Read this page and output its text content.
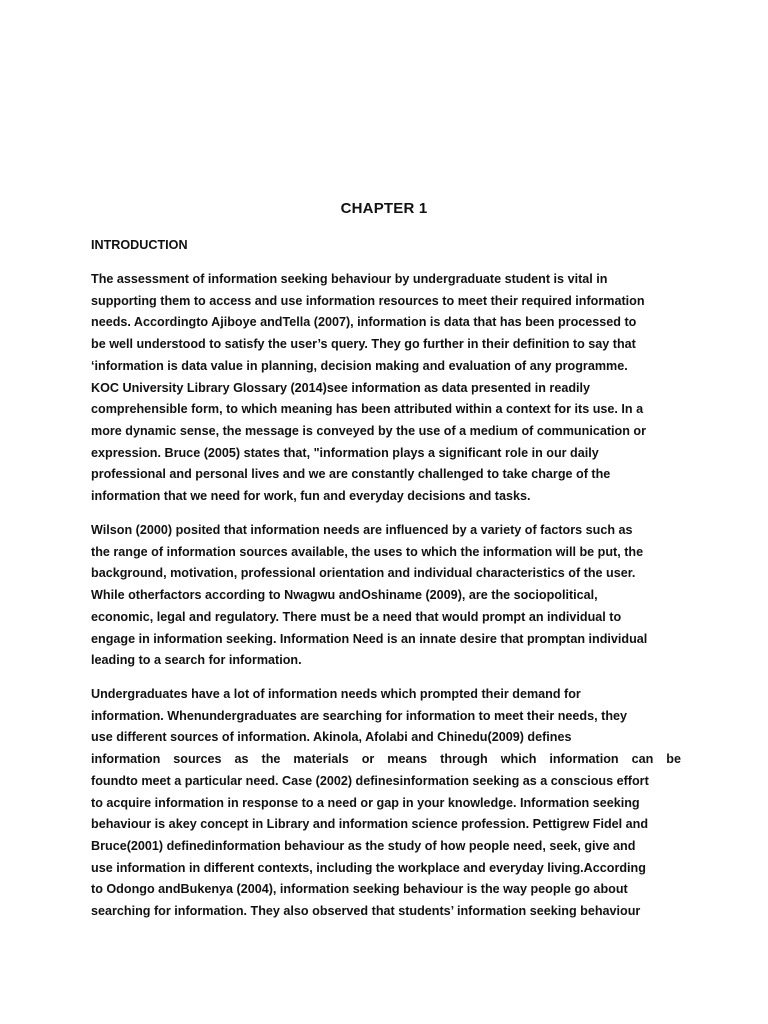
CHAPTER 1
INTRODUCTION
The assessment of information seeking behaviour by undergraduate student is vital in
supporting them to access and use information resources to meet their required information
needs. Accordingto Ajiboye andTella (2007), information is data that has been processed to
be well understood to satisfy the user’s query. They go further in their definition to say that
‘information is data value in planning, decision making and evaluation of any programme.
KOC University Library Glossary (2014)see information as data presented in readily
comprehensible form, to which meaning has been attributed within a context for its use. In a
more dynamic sense, the message is conveyed by the use of a medium of communication or
expression. Bruce (2005) states that, "information plays a significant role in our daily
professional and personal lives and we are constantly challenged to take charge of the
information that we need for work, fun and everyday decisions and tasks.
Wilson (2000) posited that information needs are influenced by a variety of factors such as
the range of information sources available, the uses to which the information will be put, the
background, motivation, professional orientation and individual characteristics of the user.
While otherfactors according to Nwagwu andOshiname (2009), are the sociopolitical,
economic, legal and regulatory. There must be a need that would prompt an individual to
engage in information seeking. Information Need is an innate desire that promptan individual
leading to a search for information.
Undergraduates have a lot of information needs which prompted their demand for
information. Whenundergraduates are searching for information to meet their needs, they
use different sources of information. Akinola, Afolabi and Chinedu(2009) defines
information sources as the materials or means through which information can be
foundto meet a particular need. Case (2002) definesinformation seeking as a conscious effort
to acquire information in response to a need or gap in your knowledge. Information seeking
behaviour is akey concept in Library and information science profession. Pettigrew Fidel and
Bruce(2001) definedinformation behaviour as the study of how people need, seek, give and
use information in different contexts, including the workplace and everyday living.According
to Odongo andBukenya (2004), information seeking behaviour is the way people go about
searching for information. They also observed that students’ information seeking behaviour
